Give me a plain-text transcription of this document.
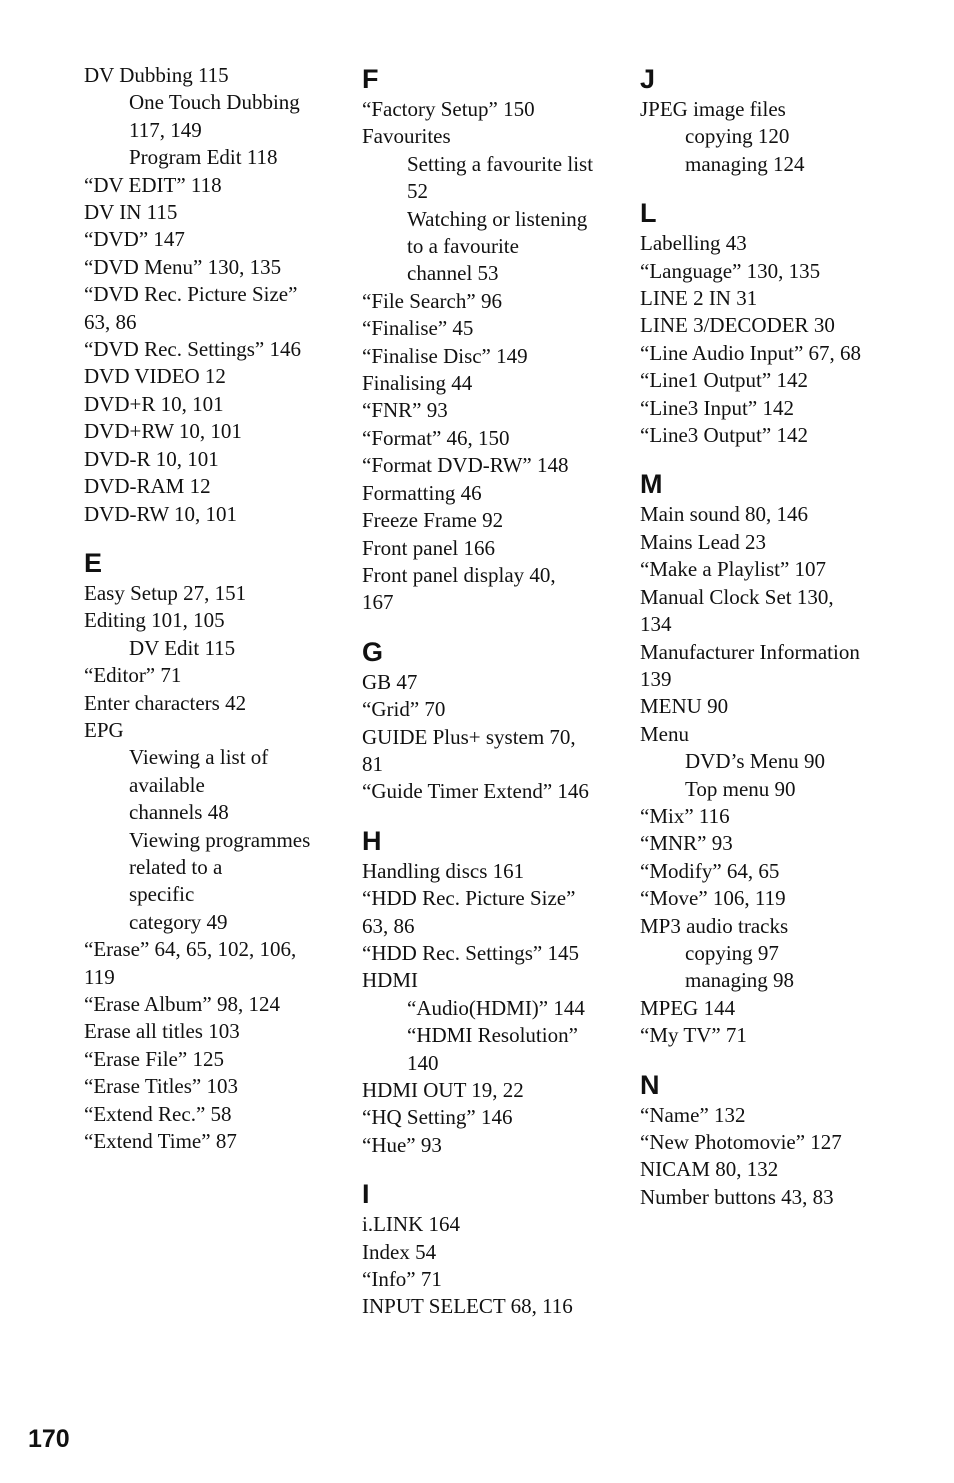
DV Dubbing 115
One Touch Dubbing
117, 149
Program Edit 118
“DV EDIT” 118
DV IN 115
“DVD” 147
“DVD Menu” 130, 135
“DVD Rec. Picture Size”
63, 86
“DVD Rec. Settings” 146
DVD VIDEO 12
DVD+R 10, 101
DVD+RW 10, 101
DVD-R 10, 101
DVD-RAM 12
DVD-RW 10, 101
E
Easy Setup 27, 151
Editing 101, 105
DV Edit 115
“Editor” 71
Enter characters 42
EPG
Viewing a list of
available
channels 48
Viewing programmes
related to a
specific
category 49
“Erase” 64, 65, 102, 106,
119
“Erase Album” 98, 124
Erase all titles 103
“Erase File” 125
“Erase Titles” 103
“Extend Rec.” 58
“Extend Time” 87
F
“Factory Setup” 150
Favourites
Setting a favourite list
52
Watching or listening
to a favourite
channel 53
“File Search” 96
“Finalise” 45
“Finalise Disc” 149
Finalising 44
“FNR” 93
“Format” 46, 150
“Format DVD-RW” 148
Formatting 46
Freeze Frame 92
Front panel 166
Front panel display 40,
167
G
GB 47
“Grid” 70
GUIDE Plus+ system 70,
81
“Guide Timer Extend” 146
H
Handling discs 161
“HDD Rec. Picture Size”
63, 86
“HDD Rec. Settings” 145
HDMI
“Audio(HDMI)” 144
“HDMI Resolution”
140
HDMI OUT 19, 22
“HQ Setting” 146
“Hue” 93
I
i.LINK 164
Index 54
“Info” 71
INPUT SELECT 68, 116
J
JPEG image files
copying 120
managing 124
L
Labelling 43
“Language” 130, 135
LINE 2 IN 31
LINE 3/DECODER 30
“Line Audio Input” 67, 68
“Line1 Output” 142
“Line3 Input” 142
“Line3 Output” 142
M
Main sound 80, 146
Mains Lead 23
“Make a Playlist” 107
Manual Clock Set 130,
134
Manufacturer Information
139
MENU 90
Menu
DVD’s Menu 90
Top menu 90
“Mix” 116
“MNR” 93
“Modify” 64, 65
“Move” 106, 119
MP3 audio tracks
copying 97
managing 98
MPEG 144
“My TV” 71
N
“Name” 132
“New Photomovie” 127
NICAM 80, 132
Number buttons 43, 83
170
